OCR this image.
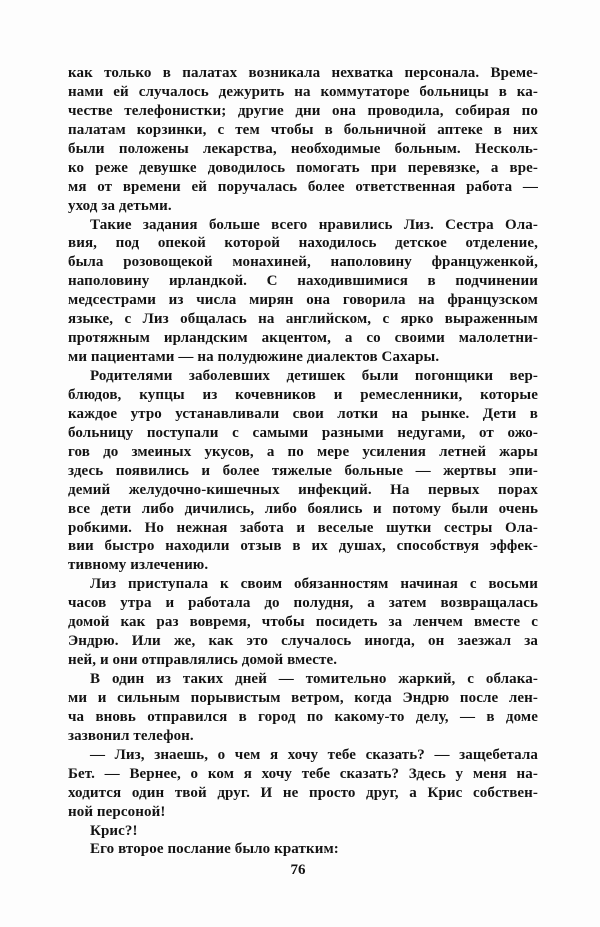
как только в палатах возникала нехватка персонала. Време-
нами ей случалось дежурить на коммутаторе больницы в ка-
честве телефонистки; другие дни она проводила, собирая по
палатам корзинки, с тем чтобы в больничной аптеке в них
были положены лекарства, необходимые больным. Несколь-
ко реже девушке доводилось помогать при перевязке, а вре-
мя от времени ей поручалась более ответственная работа —
уход за детьми.
Такие задания больше всего нравились Лиз. Сестра Ола-
вия, под опекой которой находилось детское отделение,
была розовощекой монахиней, наполовину француженкой,
наполовину ирландкой. С находившимися в подчинении
медсестрами из числа мирян она говорила на французском
языке, с Лиз общалась на английском, с ярко выраженным
протяжным ирландским акцентом, а со своими малолетни-
ми пациентами — на полудюжине диалектов Сахары.
Родителями заболевших детишек были погонщики вер-
блюдов, купцы из кочевников и ремесленники, которые
каждое утро устанавливали свои лотки на рынке. Дети в
больницу поступали с самыми разными недугами, от ожо-
гов до змеиных укусов, а по мере усиления летней жары
здесь появились и более тяжелые больные — жертвы эпи-
демий желудочно-кишечных инфекций. На первых порах
все дети либо дичились, либо боялись и потому были очень
робкими. Но нежная забота и веселые шутки сестры Ола-
вии быстро находили отзыв в их душах, способствуя эффек-
тивному излечению.
Лиз приступала к своим обязанностям начиная с восьми
часов утра и работала до полудня, а затем возвращалась
домой как раз вовремя, чтобы посидеть за ленчем вместе с
Эндрю. Или же, как это случалось иногда, он заезжал за
ней, и они отправлялись домой вместе.
В один из таких дней — томительно жаркий, с облака-
ми и сильным порывистым ветром, когда Эндрю после лен-
ча вновь отправился в город по какому-то делу, — в доме
зазвонил телефон.
— Лиз, знаешь, о чем я хочу тебе сказать? — защебетала
Бет. — Вернее, о ком я хочу тебе сказать? Здесь у меня на-
ходится один твой друг. И не просто друг, а Крис собствен-
ной персоной!
Крис?!
Его второе послание было кратким:
76
